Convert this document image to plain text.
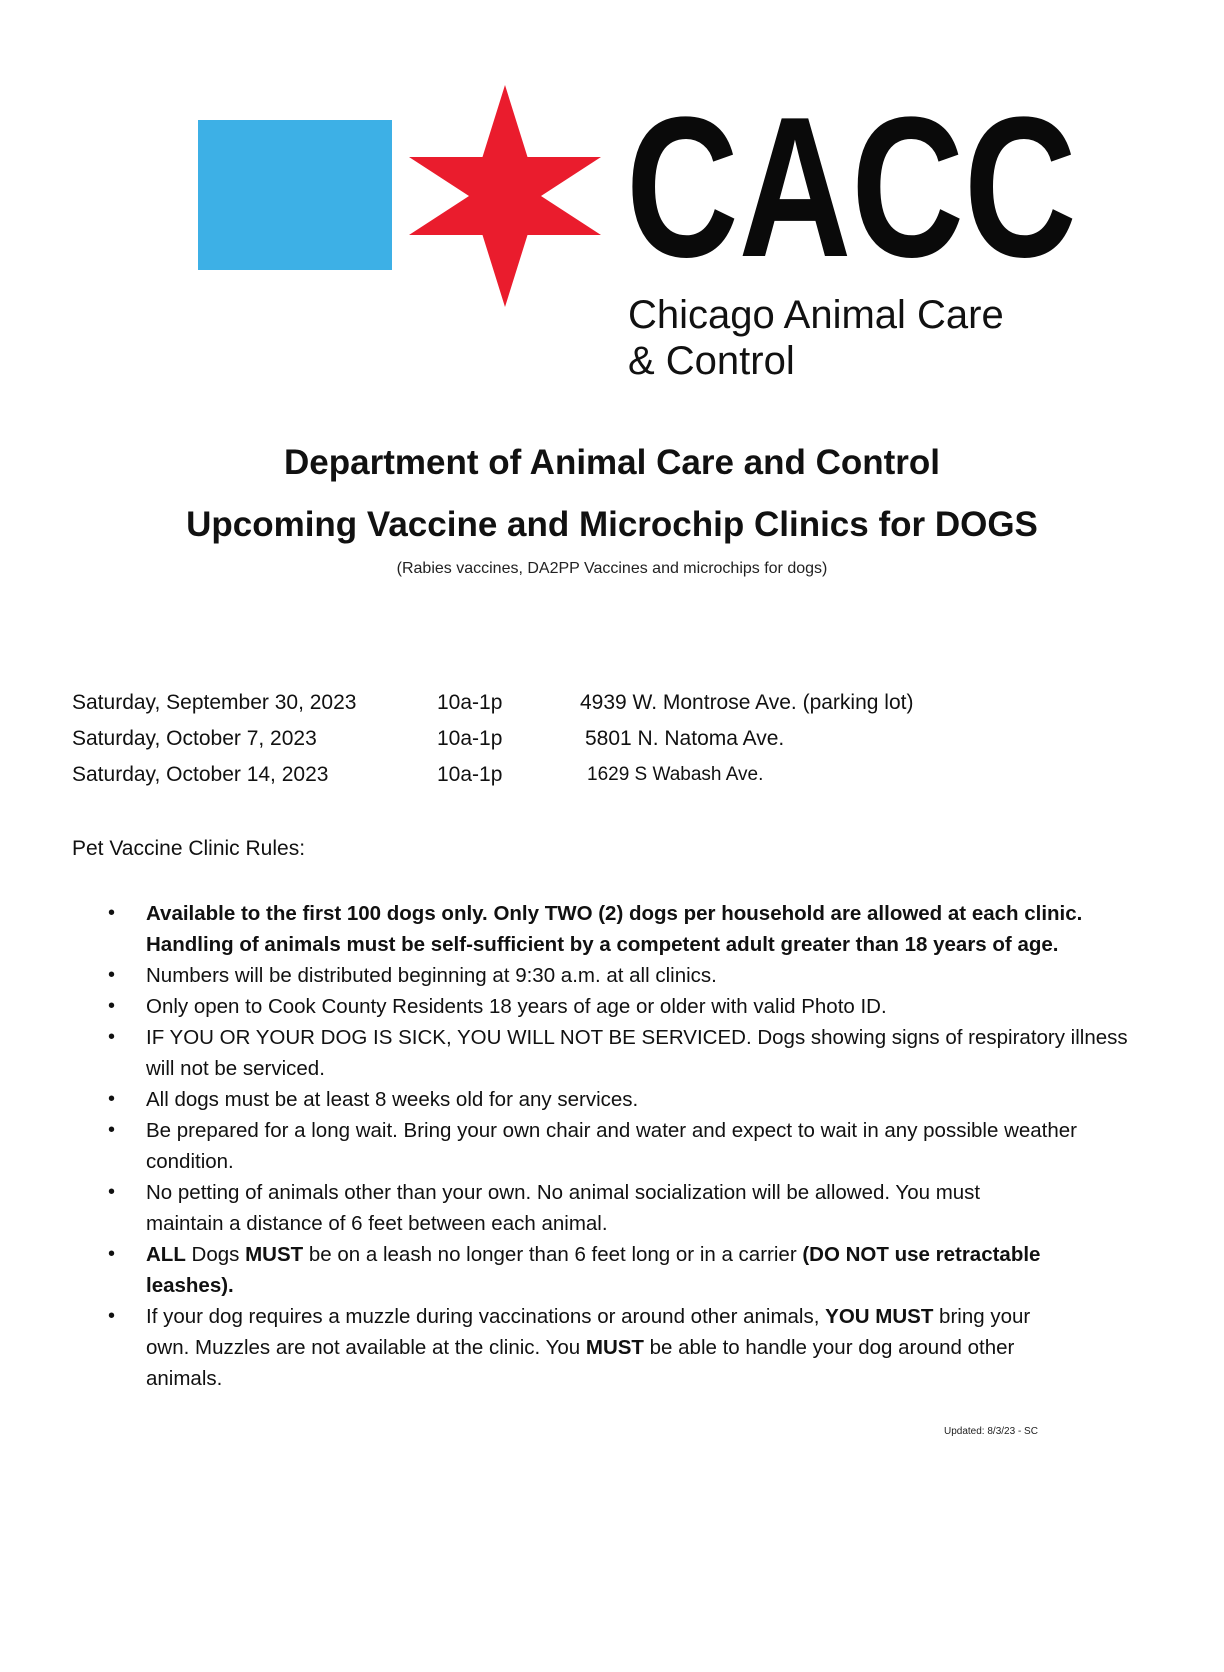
CACC
Chicago Animal Care
& Control
Department of Animal Care and Control
Upcoming Vaccine and Microchip Clinics for DOGS
(Rabies vaccines, DA2PP Vaccines and microchips for dogs)
Saturday, September 30, 2023	10a-1p	4939 W. Montrose Ave. (parking lot)
Saturday, October 7, 2023	10a-1p	5801 N. Natoma Ave.
Saturday, October 14, 2023	10a-1p	1629 S Wabash Ave.
Pet Vaccine Clinic Rules:
• Available to the first 100 dogs only. Only TWO (2) dogs per household are allowed at each clinic.
Handling of animals must be self-sufficient by a competent adult greater than 18 years of age.
• Numbers will be distributed beginning at 9:30 a.m. at all clinics.
• Only open to Cook County Residents 18 years of age or older with valid Photo ID.
• IF YOU OR YOUR DOG IS SICK, YOU WILL NOT BE SERVICED. Dogs showing signs of respiratory illness
will not be serviced.
• All dogs must be at least 8 weeks old for any services.
• Be prepared for a long wait. Bring your own chair and water and expect to wait in any possible weather
condition.
• No petting of animals other than your own. No animal socialization will be allowed. You must
maintain a distance of 6 feet between each animal.
• ALL Dogs MUST be on a leash no longer than 6 feet long or in a carrier (DO NOT use retractable
leashes).
• If your dog requires a muzzle during vaccinations or around other animals, YOU MUST bring your
own. Muzzles are not available at the clinic. You MUST be able to handle your dog around other
animals.
Updated: 8/3/23 - SC
